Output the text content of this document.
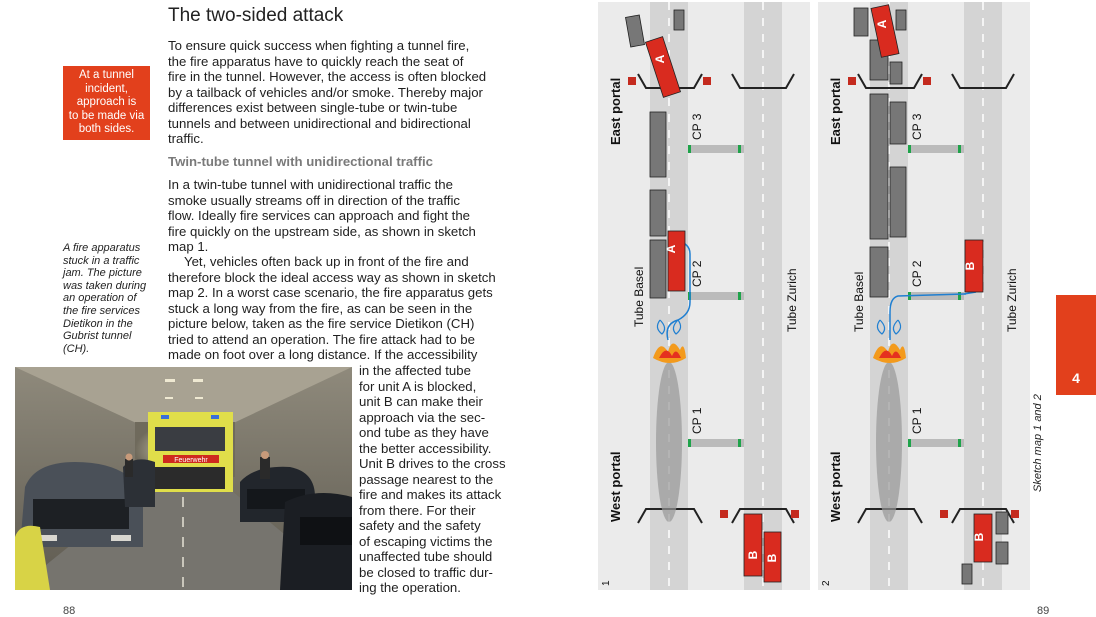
The two-sided attack
To ensure quick success when fighting a tunnel fire,
the fire apparatus have to quickly reach the seat of
fire in the tunnel. However, the access is often blocked
by a tailback of vehicles and/or smoke. Thereby major
differences exist between single-tube or twin-tube
tunnels and between unidirectional and bidirectional
traffic.
At a tunnel
incident,
approach is
to be made via
both sides.
Twin-tube tunnel with unidirectional traffic
In a twin-tube tunnel with unidirectional traffic the
smoke usually streams off in direction of the traffic
flow. Ideally fire services can approach and fight the
fire quickly on the upstream side, as shown in sketch
map 1.
Yet, vehicles often back up in front of the fire and
therefore block the ideal access way as shown in sketch
map 2. In a worst case scenario, the fire apparatus gets
stuck a long way from the fire, as can be seen in the
picture below, taken as the fire service Dietikon (CH)
tried to attend an operation. The fire attack had to be
made on foot over a long distance. If the accessibility
in the affected tube
for unit A is blocked,
unit B can make their
approach via the sec-
ond tube as they have
the better accessibility.
Unit B drives to the cross
passage nearest to the
fire and makes its attack
from there. For their
safety and the safety
of escaping victims the
unaffected tube should
be closed to traffic dur-
ing the operation.
A fire apparatus
stuck in a traffic
jam. The picture
was taken during
an operation of
the fire services
Dietikon in the
Gubrist tunnel
(CH).
Feuerwehr
88
A
A
B B
East portal
West portal
Tube Basel	Tube Zurich
CP 3
CP 2
CP 1
1
A
B
B
East portal
West portal
Tube Basel	Tube Zurich
CP 3
CP 2
CP 1
2
Sketch map 1 and 2
4
89
